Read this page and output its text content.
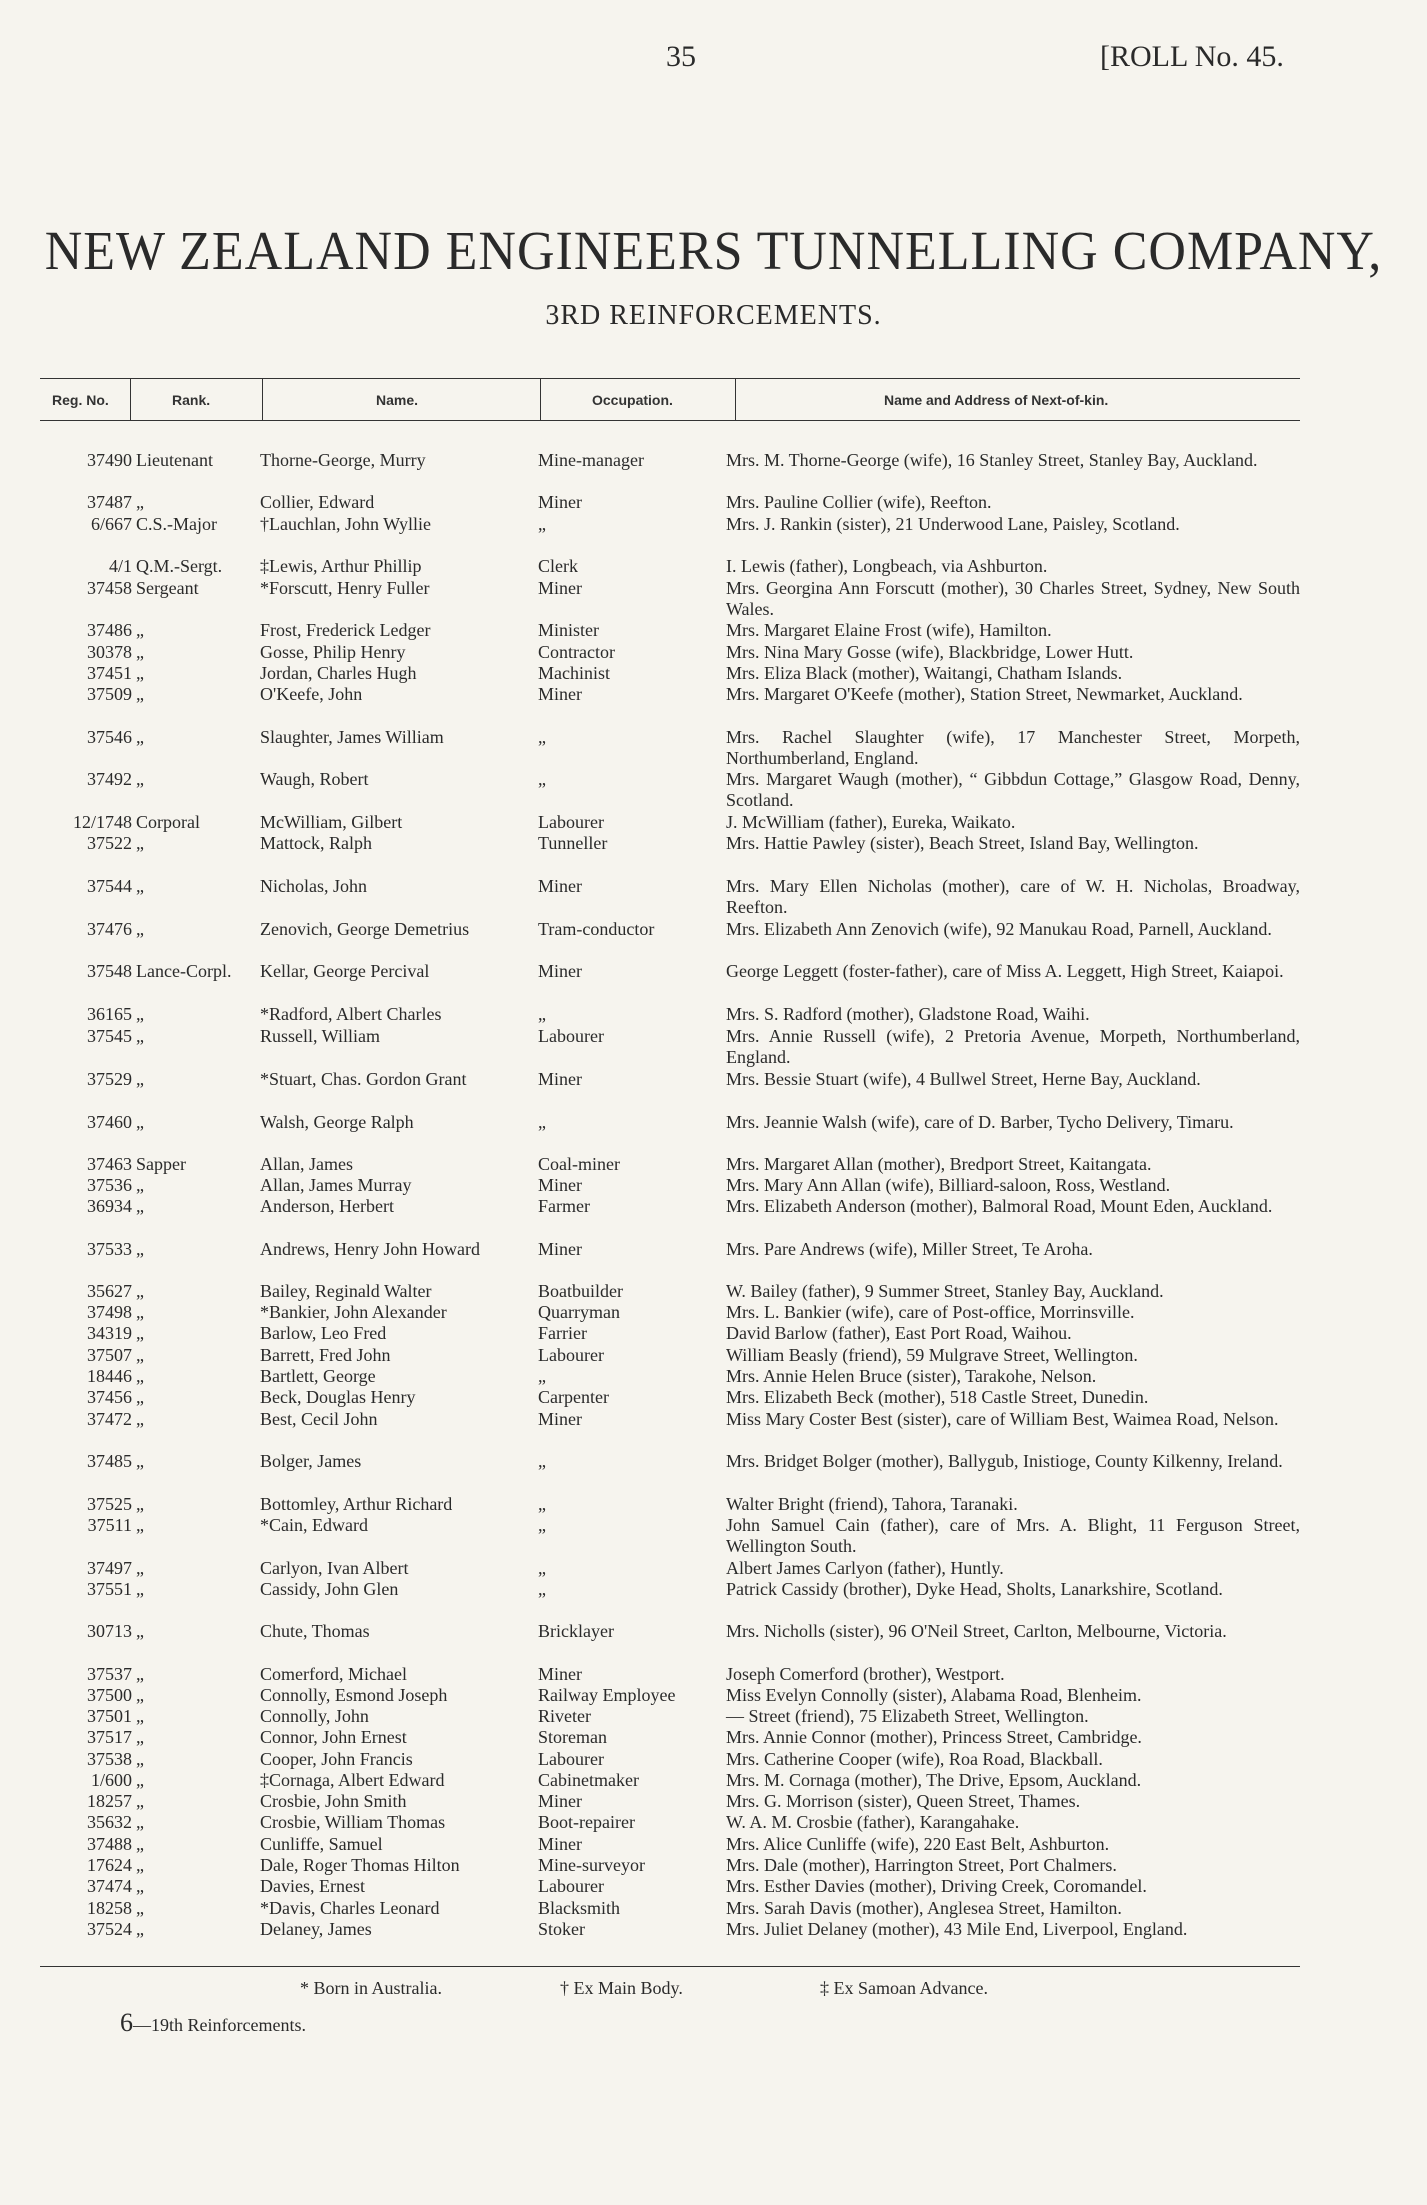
35	[ROLL No. 45.
NEW ZEALAND ENGINEERS TUNNELLING COMPANY,
3RD REINFORCEMENTS.
Reg. No.	Rank.	Name.	Occupation.	Name and Address of Next-of-kin.
37490 Lieutenant	Thorne-George, Murry	Mine-manager	Mrs. M. Thorne-George (wife), 16 Stanley Street, Stanley Bay, Auckland.
37487 „	Collier, Edward	Miner	Mrs. Pauline Collier (wife), Reefton.
6/667 C.S.-Major	†Lauchlan, John Wyllie	„	Mrs. J. Rankin (sister), 21 Underwood Lane, Paisley, Scotland.
4/1 Q.M.-Sergt.	‡Lewis, Arthur Phillip	Clerk	I. Lewis (father), Longbeach, via Ashburton.
37458 Sergeant	*Forscutt, Henry Fuller	Miner	Mrs. Georgina Ann Forscutt (mother), 30 Charles Street, Sydney, New South Wales.
37486 „	Frost, Frederick Ledger	Minister	Mrs. Margaret Elaine Frost (wife), Hamilton.
30378 „	Gosse, Philip Henry	Contractor	Mrs. Nina Mary Gosse (wife), Blackbridge, Lower Hutt.
37451 „	Jordan, Charles Hugh	Machinist	Mrs. Eliza Black (mother), Waitangi, Chatham Islands.
37509 „	O'Keefe, John	Miner	Mrs. Margaret O'Keefe (mother), Station Street, Newmarket, Auckland.
37546 „	Slaughter, James William	„	Mrs. Rachel Slaughter (wife), 17 Manchester Street, Morpeth, Northumberland, England.
37492 „	Waugh, Robert	„	Mrs. Margaret Waugh (mother), “ Gibbdun Cottage,” Glasgow Road, Denny, Scotland.
12/1748 Corporal	McWilliam, Gilbert	Labourer	J. McWilliam (father), Eureka, Waikato.
37522 „	Mattock, Ralph	Tunneller	Mrs. Hattie Pawley (sister), Beach Street, Island Bay, Wellington.
37544 „	Nicholas, John	Miner	Mrs. Mary Ellen Nicholas (mother), care of W. H. Nicholas, Broadway, Reefton.
37476 „	Zenovich, George Demetrius	Tram-conductor	Mrs. Elizabeth Ann Zenovich (wife), 92 Manukau Road, Parnell, Auckland.
37548 Lance-Corpl.	Kellar, George Percival	Miner	George Leggett (foster-father), care of Miss A. Leggett, High Street, Kaiapoi.
36165 „	*Radford, Albert Charles	„	Mrs. S. Radford (mother), Gladstone Road, Waihi.
37545 „	Russell, William	Labourer	Mrs. Annie Russell (wife), 2 Pretoria Avenue, Morpeth, Northumberland, England.
37529 „	*Stuart, Chas. Gordon Grant	Miner	Mrs. Bessie Stuart (wife), 4 Bullwel Street, Herne Bay, Auckland.
37460 „	Walsh, George Ralph	„	Mrs. Jeannie Walsh (wife), care of D. Barber, Tycho Delivery, Timaru.
37463 Sapper	Allan, James	Coal-miner	Mrs. Margaret Allan (mother), Bredport Street, Kaitangata.
37536 „	Allan, James Murray	Miner	Mrs. Mary Ann Allan (wife), Billiard-saloon, Ross, Westland.
36934 „	Anderson, Herbert	Farmer	Mrs. Elizabeth Anderson (mother), Balmoral Road, Mount Eden, Auckland.
37533 „	Andrews, Henry John Howard	Miner	Mrs. Pare Andrews (wife), Miller Street, Te Aroha.
35627 „	Bailey, Reginald Walter	Boatbuilder	W. Bailey (father), 9 Summer Street, Stanley Bay, Auckland.
37498 „	*Bankier, John Alexander	Quarryman	Mrs. L. Bankier (wife), care of Post-office, Morrinsville.
34319 „	Barlow, Leo Fred	Farrier	David Barlow (father), East Port Road, Waihou.
37507 „	Barrett, Fred John	Labourer	William Beasly (friend), 59 Mulgrave Street, Wellington.
18446 „	Bartlett, George	„	Mrs. Annie Helen Bruce (sister), Tarakohe, Nelson.
37456 „	Beck, Douglas Henry	Carpenter	Mrs. Elizabeth Beck (mother), 518 Castle Street, Dunedin.
37472 „	Best, Cecil John	Miner	Miss Mary Coster Best (sister), care of William Best, Waimea Road, Nelson.
37485 „	Bolger, James	„	Mrs. Bridget Bolger (mother), Ballygub, Inistioge, County Kilkenny, Ireland.
37525 „	Bottomley, Arthur Richard	„	Walter Bright (friend), Tahora, Taranaki.
37511 „	*Cain, Edward	„	John Samuel Cain (father), care of Mrs. A. Blight, 11 Ferguson Street, Wellington South.
37497 „	Carlyon, Ivan Albert	„	Albert James Carlyon (father), Huntly.
37551 „	Cassidy, John Glen	„	Patrick Cassidy (brother), Dyke Head, Sholts, Lanarkshire, Scotland.
30713 „	Chute, Thomas	Bricklayer	Mrs. Nicholls (sister), 96 O'Neil Street, Carlton, Melbourne, Victoria.
37537 „	Comerford, Michael	Miner	Joseph Comerford (brother), Westport.
37500 „	Connolly, Esmond Joseph	Railway Employee	Miss Evelyn Connolly (sister), Alabama Road, Blenheim.
37501 „	Connolly, John	Riveter	— Street (friend), 75 Elizabeth Street, Wellington.
37517 „	Connor, John Ernest	Storeman	Mrs. Annie Connor (mother), Princess Street, Cambridge.
37538 „	Cooper, John Francis	Labourer	Mrs. Catherine Cooper (wife), Roa Road, Blackball.
1/600 „	‡Cornaga, Albert Edward	Cabinetmaker	Mrs. M. Cornaga (mother), The Drive, Epsom, Auckland.
18257 „	Crosbie, John Smith	Miner	Mrs. G. Morrison (sister), Queen Street, Thames.
35632 „	Crosbie, William Thomas	Boot-repairer	W. A. M. Crosbie (father), Karangahake.
37488 „	Cunliffe, Samuel	Miner	Mrs. Alice Cunliffe (wife), 220 East Belt, Ashburton.
17624 „	Dale, Roger Thomas Hilton	Mine-surveyor	Mrs. Dale (mother), Harrington Street, Port Chalmers.
37474 „	Davies, Ernest	Labourer	Mrs. Esther Davies (mother), Driving Creek, Coromandel.
18258 „	*Davis, Charles Leonard	Blacksmith	Mrs. Sarah Davis (mother), Anglesea Street, Hamilton.
37524 „	Delaney, James	Stoker	Mrs. Juliet Delaney (mother), 43 Mile End, Liverpool, England.
* Born in Australia.	† Ex Main Body.	‡ Ex Samoan Advance.
6—19th Reinforcements.
